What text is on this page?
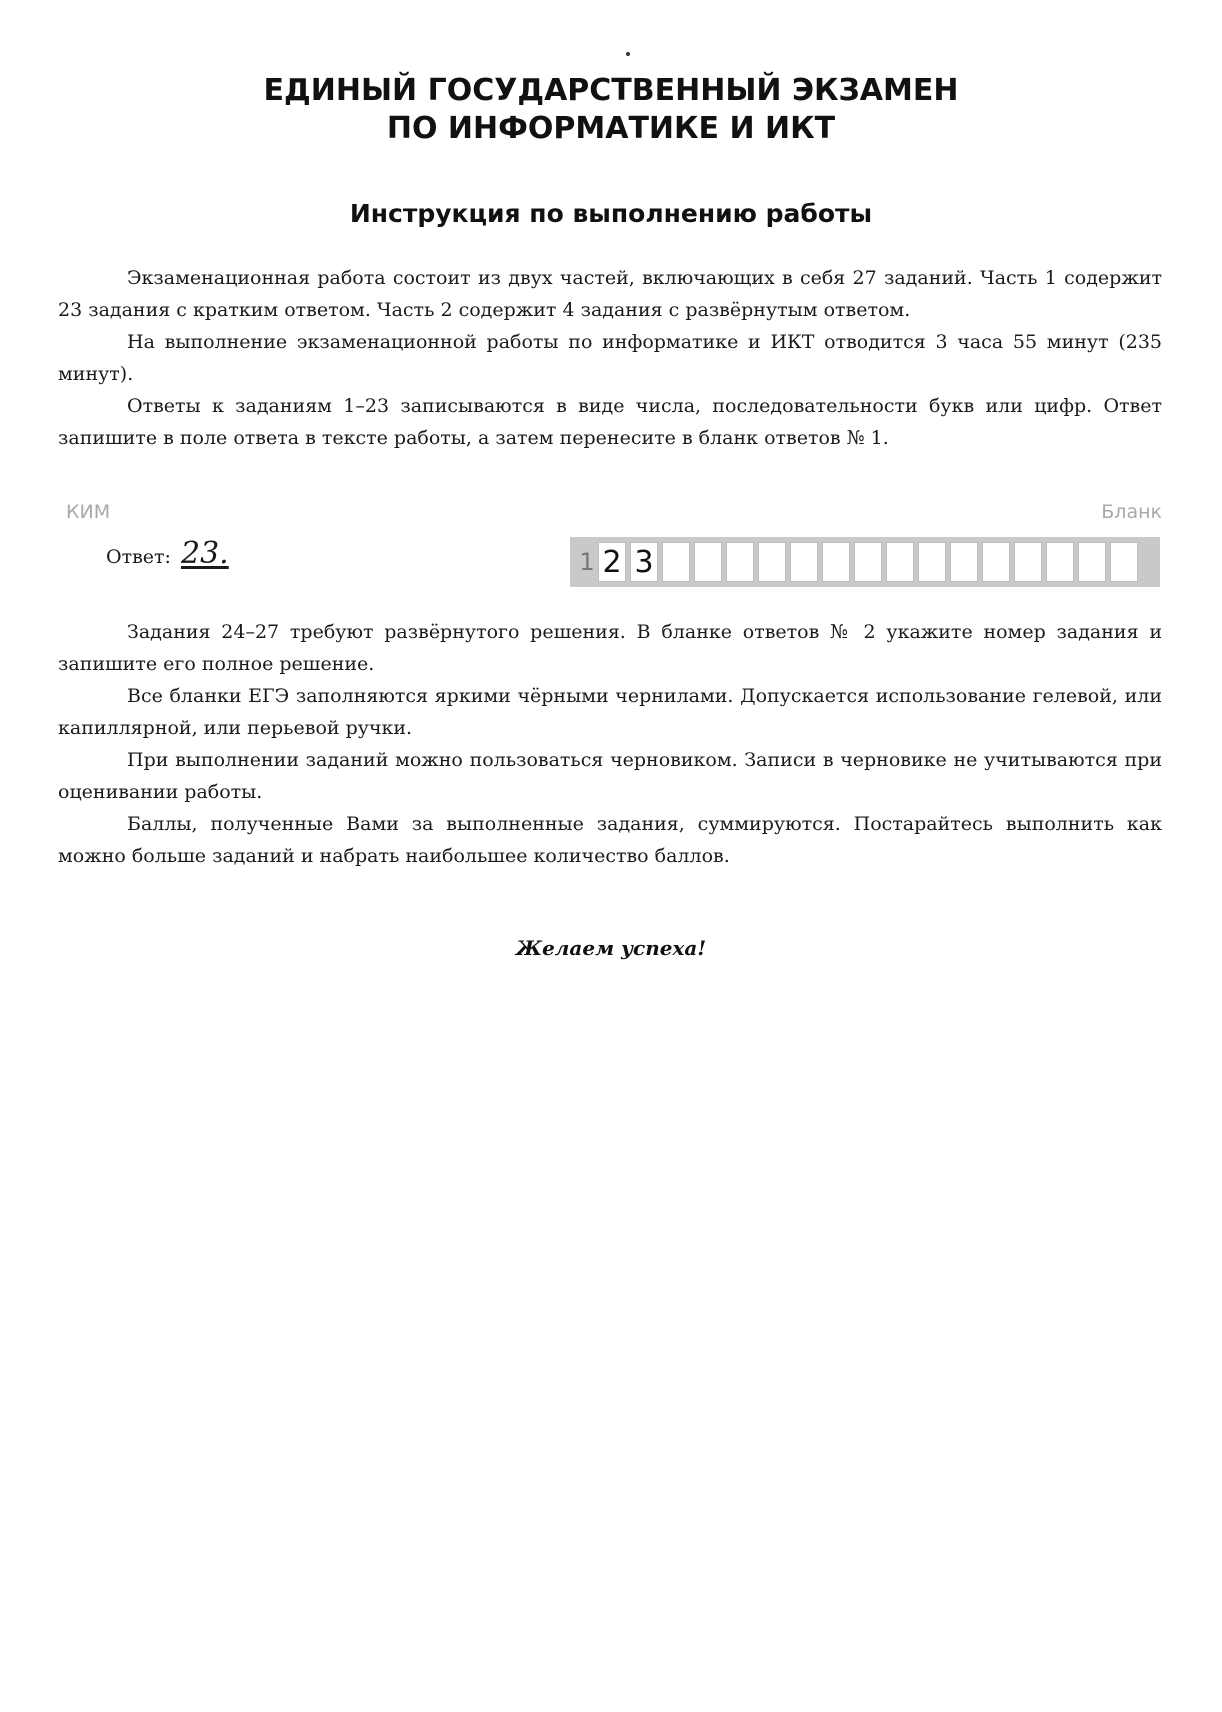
ЕДИНЫЙ ГОСУДАРСТВЕННЫЙ ЭКЗАМЕН
ПО ИНФОРМАТИКЕ И ИКТ
Инструкция по выполнению работы

Экзаменационная работа состоит из двух частей, включающих в себя 27 заданий. Часть 1 содержит 23 задания с кратким ответом. Часть 2 содержит 4 задания с развёрнутым ответом.

На выполнение экзаменационной работы по информатике и ИКТ отводится 3 часа 55 минут (235 минут).

Ответы к заданиям 1–23 записываются в виде числа, последовательности букв или цифр. Ответ запишите в поле ответа в тексте работы, а затем перенесите в бланк ответов № 1.

КИМ	Бланк
Ответ: 23.	1 2 3

Задания 24–27 требуют развёрнутого решения. В бланке ответов № 2 укажите номер задания и запишите его полное решение.

Все бланки ЕГЭ заполняются яркими чёрными чернилами. Допускается использование гелевой, или капиллярной, или перьевой ручки.

При выполнении заданий можно пользоваться черновиком. Записи в черновике не учитываются при оценивании работы.

Баллы, полученные Вами за выполненные задания, суммируются. Постарайтесь выполнить как можно больше заданий и набрать наибольшее количество баллов.

Желаем успеха!
